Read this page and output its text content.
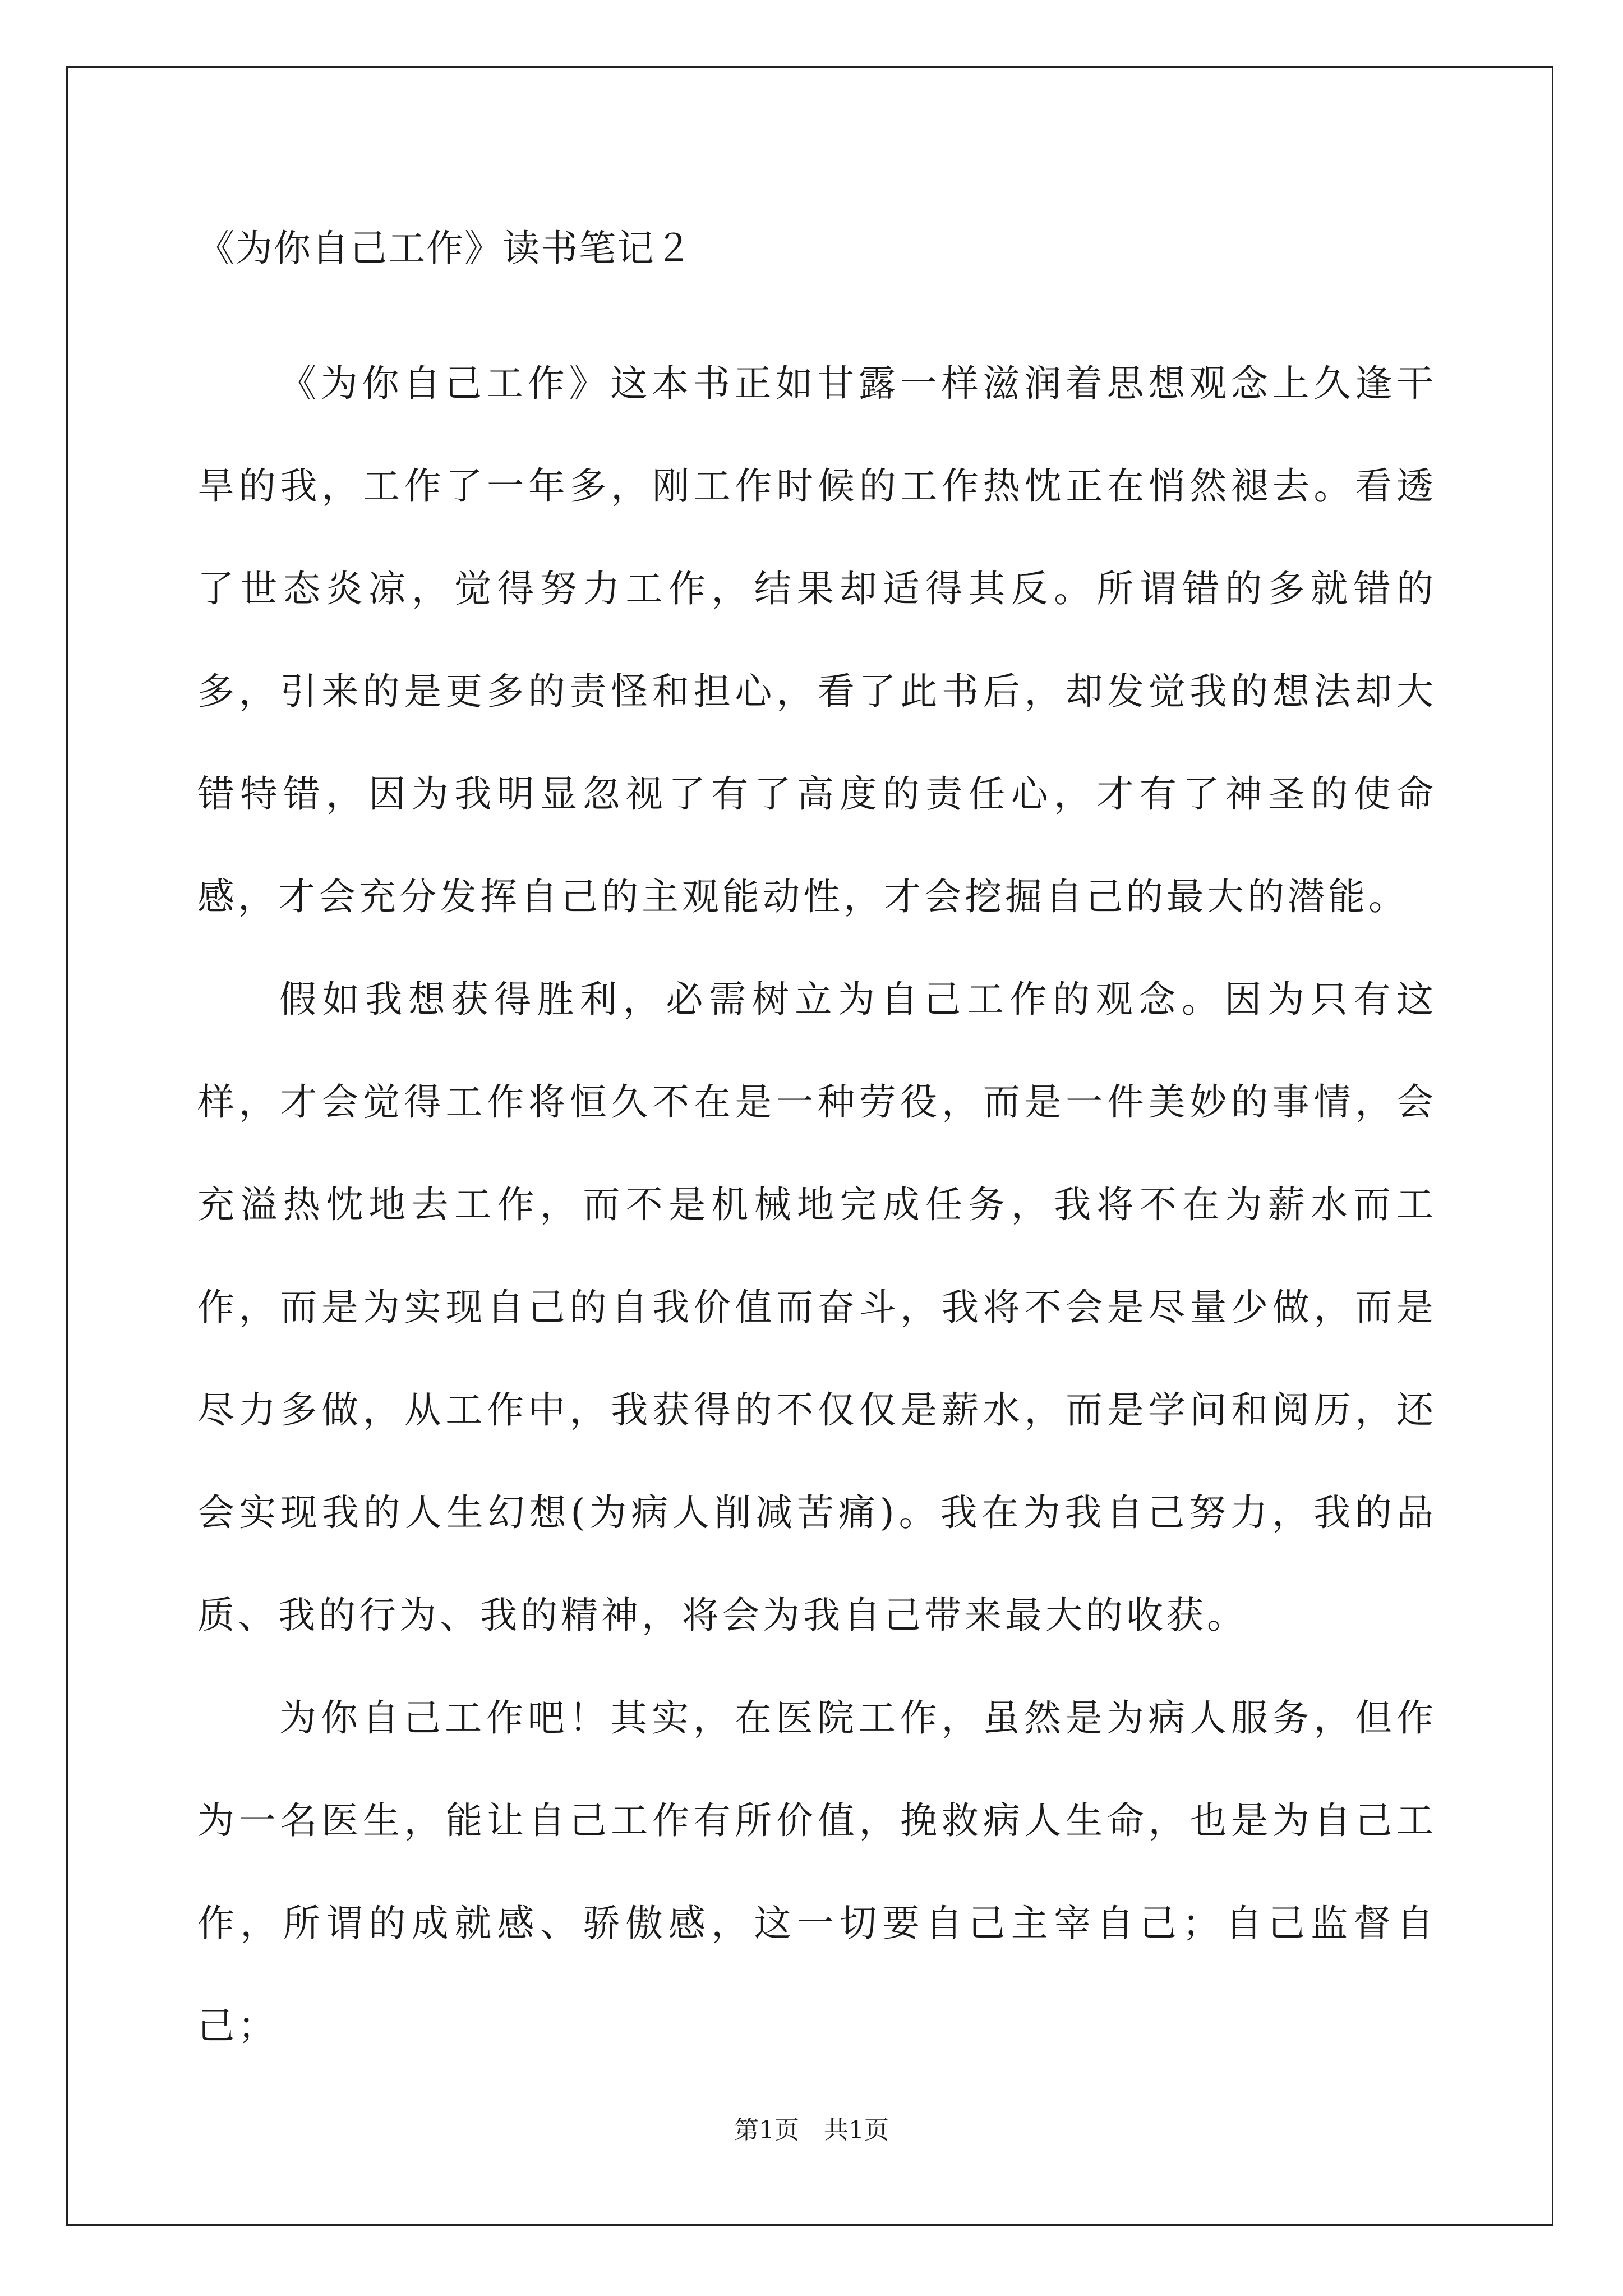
《为你自己工作》读书笔记２

《为你自己工作》这本书正如甘露一样滋润着思想观念上久逢干旱的我，工作了一年多，刚工作时候的工作热忱正在悄然褪去。看透了世态炎凉，觉得努力工作，结果却适得其反。所谓错的多就错的多，引来的是更多的责怪和担心，看了此书后，却发觉我的想法却大错特错，因为我明显忽视了有了高度的责任心，才有了神圣的使命感，才会充分发挥自己的主观能动性，才会挖掘自己的最大的潜能。

假如我想获得胜利，必需树立为自己工作的观念。因为只有这样，才会觉得工作将恒久不在是一种劳役，而是一件美妙的事情，会充溢热忱地去工作，而不是机械地完成任务，我将不在为薪水而工作，而是为实现自己的自我价值而奋斗，我将不会是尽量少做，而是尽力多做，从工作中，我获得的不仅仅是薪水，而是学问和阅历，还会实现我的人生幻想(为病人削减苦痛)。我在为我自己努力，我的品质、我的行为、我的精神，将会为我自己带来最大的收获。

为你自己工作吧！其实，在医院工作，虽然是为病人服务，但作为一名医生，能让自己工作有所价值，挽救病人生命，也是为自己工作，所谓的成就感、骄傲感，这一切要自己主宰自己；自己监督自己；

第1页　共1页
